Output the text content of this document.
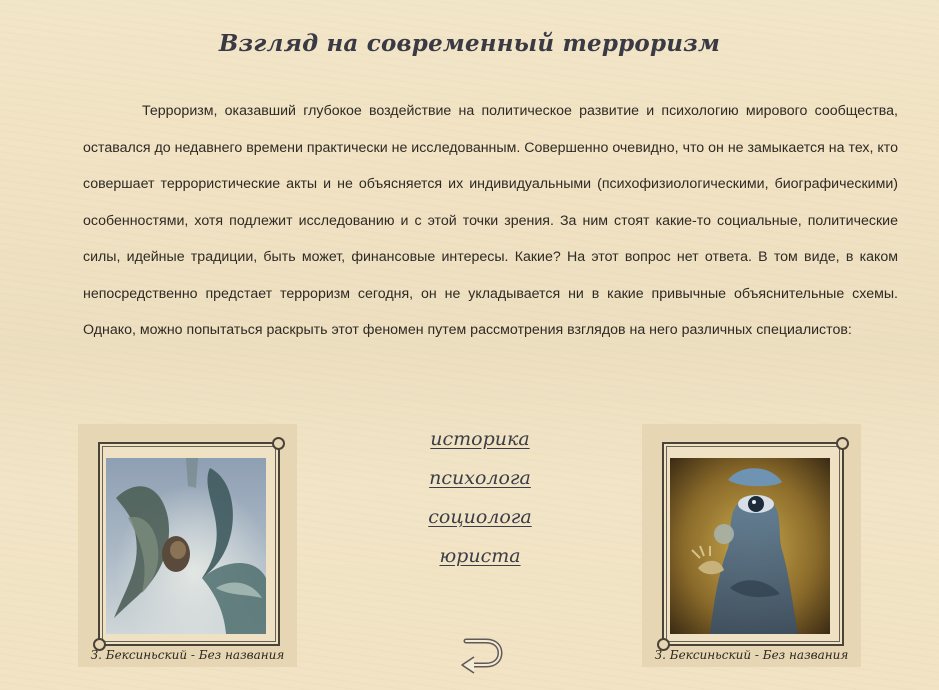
Взгляд на современный терроризм

Терроризм, оказавший глубокое воздействие на политическое развитие и психологию мирового сообщества, оставался до недавнего времени практически не исследованным. Совершенно очевидно, что он не замыкается на тех, кто совершает террористические акты и не объясняется их индивидуальными (психофизиологическими, биографическими) особенностями, хотя подлежит исследованию и с этой точки зрения. За ним стоят какие-то социальные, политические силы, идейные традиции, быть может, финансовые интересы. Какие? На этот вопрос нет ответа. В том виде, в каком непосредственно предстает терроризм сегодня, он не укладывается ни в какие привычные объяснительные схемы. Однако, можно попытаться раскрыть этот феномен путем рассмотрения взглядов на него различных специалистов:

З. Бексиньский - Без названия
историка
психолога
социолога
юриста
З. Бексиньский - Без названия
